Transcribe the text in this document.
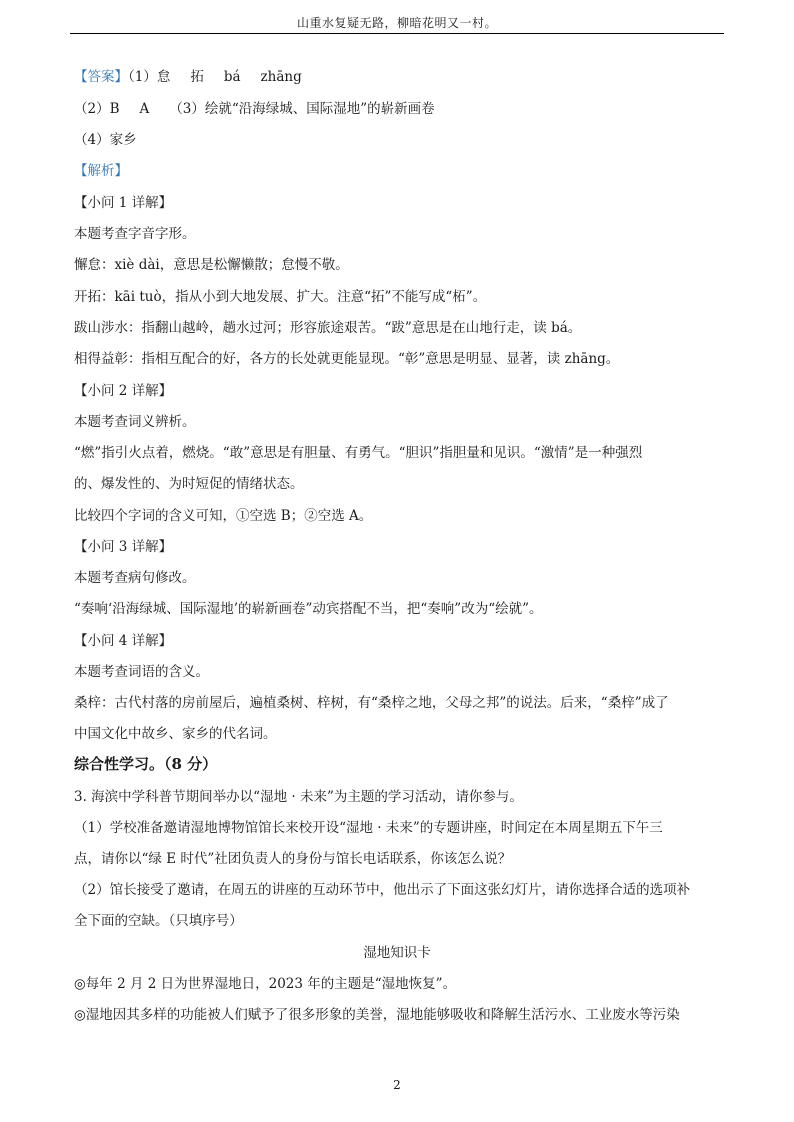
山重水复疑无路，柳暗花明又一村。
【答案】（1）怠 拓 bá zhāng
（2）B A （3）绘就“沿海绿城、国际湿地”的崭新画卷
（4）家乡
【解析】
【小问 1 详解】
本题考查字音字形。
懈怠：xiè dài，意思是松懈懒散；怠慢不敬。
开拓：kāi tuò，指从小到大地发展、扩大。注意“拓”不能写成“柘”。
跋山涉水：指翻山越岭，趟水过河；形容旅途艰苦。“跋”意思是在山地行走，读 bá。
相得益彰：指相互配合的好，各方的长处就更能显现。“彰”意思是明显、显著，读 zhāng。
【小问 2 详解】
本题考查词义辨析。
“燃”指引火点着，燃烧。“敢”意思是有胆量、有勇气。“胆识”指胆量和见识。“激情”是一种强烈
的、爆发性的、为时短促的情绪状态。
比较四个字词的含义可知，①空选 B；②空选 A。
【小问 3 详解】
本题考查病句修改。
“奏响‘沿海绿城、国际湿地’的崭新画卷”动宾搭配不当，把“奏响”改为“绘就”。
【小问 4 详解】
本题考查词语的含义。
桑梓：古代村落的房前屋后，遍植桑树、梓树，有“桑梓之地，父母之邦”的说法。后来，“桑梓”成了
中国文化中故乡、家乡的代名词。
综合性学习。（8 分）
3. 海滨中学科普节期间举办以“湿地 · 未来”为主题的学习活动，请你参与。
（1）学校准备邀请湿地博物馆馆长来校开设“湿地 · 未来”的专题讲座，时间定在本周星期五下午三
点，请你以“绿 E 时代”社团负责人的身份与馆长电话联系，你该怎么说？
（2）馆长接受了邀请，在周五的讲座的互动环节中，他出示了下面这张幻灯片，请你选择合适的选项补
全下面的空缺。（只填序号）
湿地知识卡
◎每年 2 月 2 日为世界湿地日，2023 年的主题是“湿地恢复”。
◎湿地因其多样的功能被人们赋予了很多形象的美誉，湿地能够吸收和降解生活污水、工业废水等污染
2
